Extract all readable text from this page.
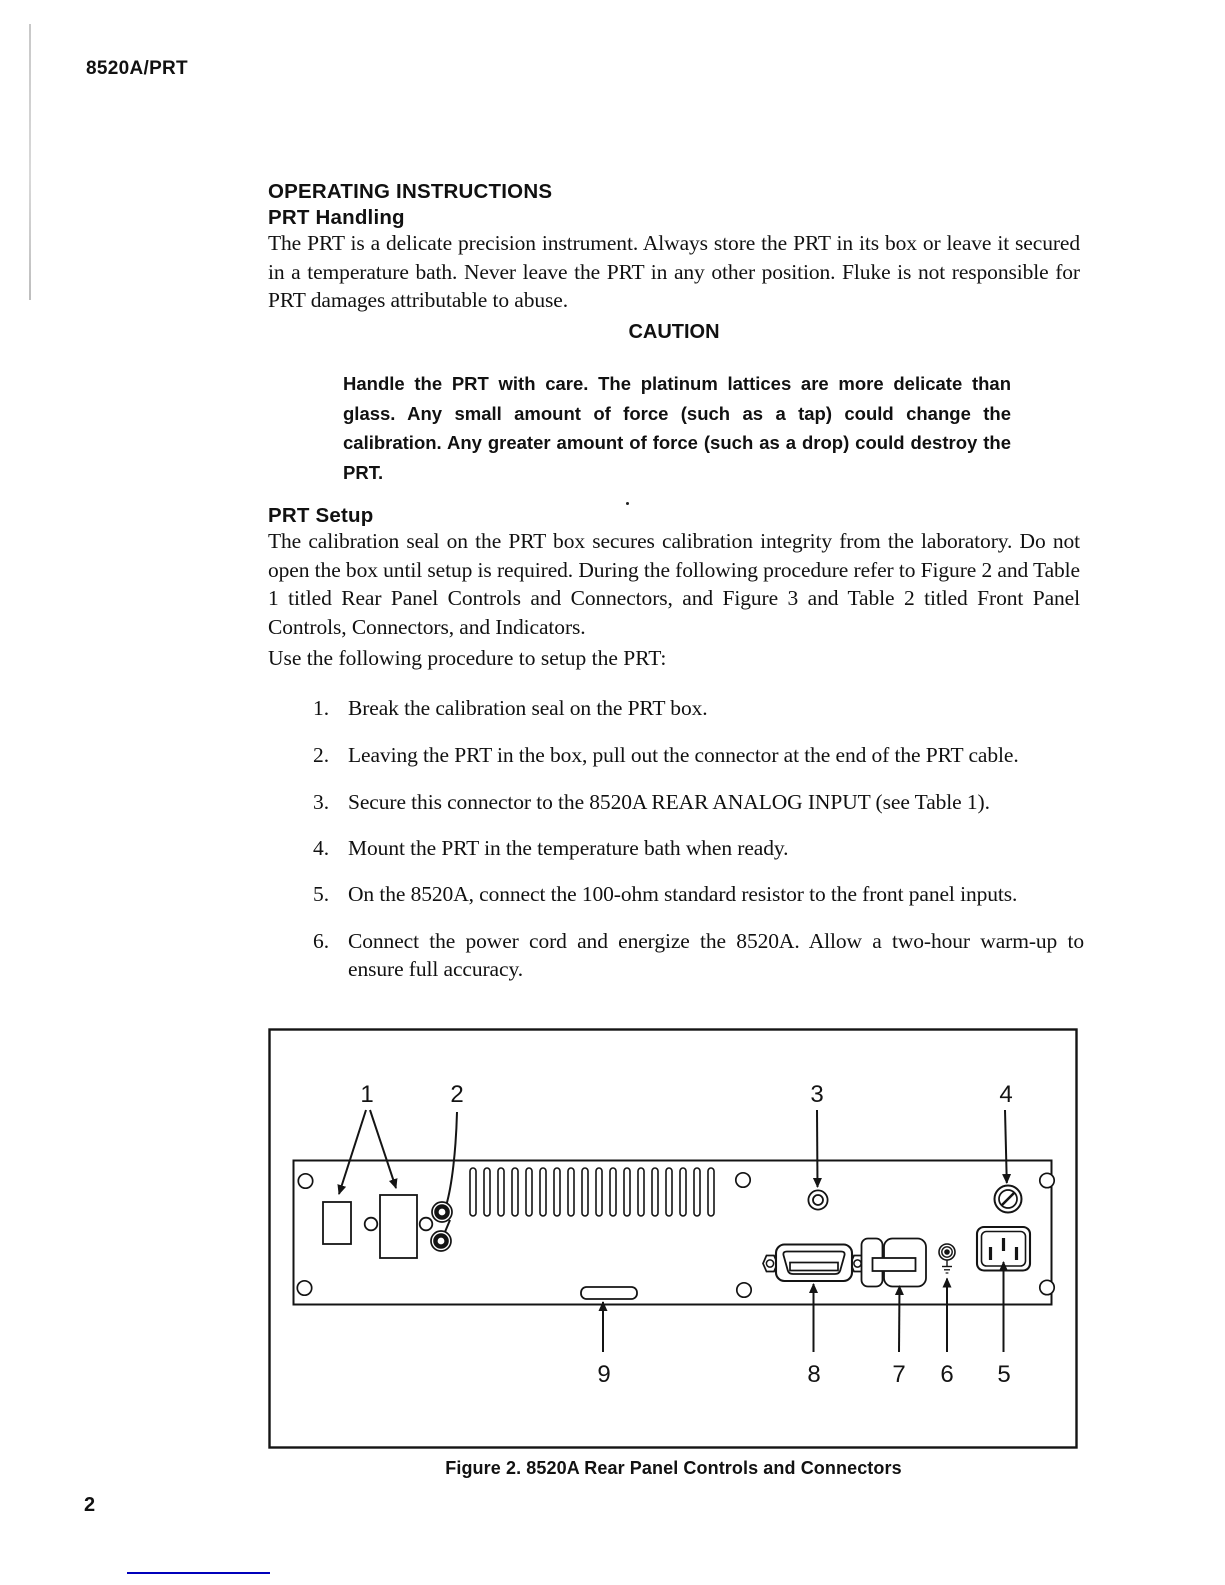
8520A/PRT
OPERATING INSTRUCTIONS
PRT Handling
The PRT is a delicate precision instrument. Always store the PRT in its box or leave it secured in a temperature bath. Never leave the PRT in any other position. Fluke is not responsible for PRT damages attributable to abuse.
CAUTION
Handle the PRT with care. The platinum lattices are more delicate than glass. Any small amount of force (such as a tap) could change the calibration. Any greater amount of force (such as a drop) could destroy the PRT.
PRT Setup
The calibration seal on the PRT box secures calibration integrity from the laboratory. Do not open the box until setup is required. During the following procedure refer to Figure 2 and Table 1 titled Rear Panel Controls and Connectors, and Figure 3 and Table 2 titled Front Panel Controls, Connectors, and Indicators.
Use the following procedure to setup the PRT:
1. Break the calibration seal on the PRT box.
2. Leaving the PRT in the box, pull out the connector at the end of the PRT cable.
3. Secure this connector to the 8520A REAR ANALOG INPUT (see Table 1).
4. Mount the PRT in the temperature bath when ready.
5. On the 8520A, connect the 100-ohm standard resistor to the front panel inputs.
6. Connect the power cord and energize the 8520A. Allow a two-hour warm-up to ensure full accuracy.
1	2	3	4
9	8	7 6 5
Figure 2. 8520A Rear Panel Controls and Connectors
2
